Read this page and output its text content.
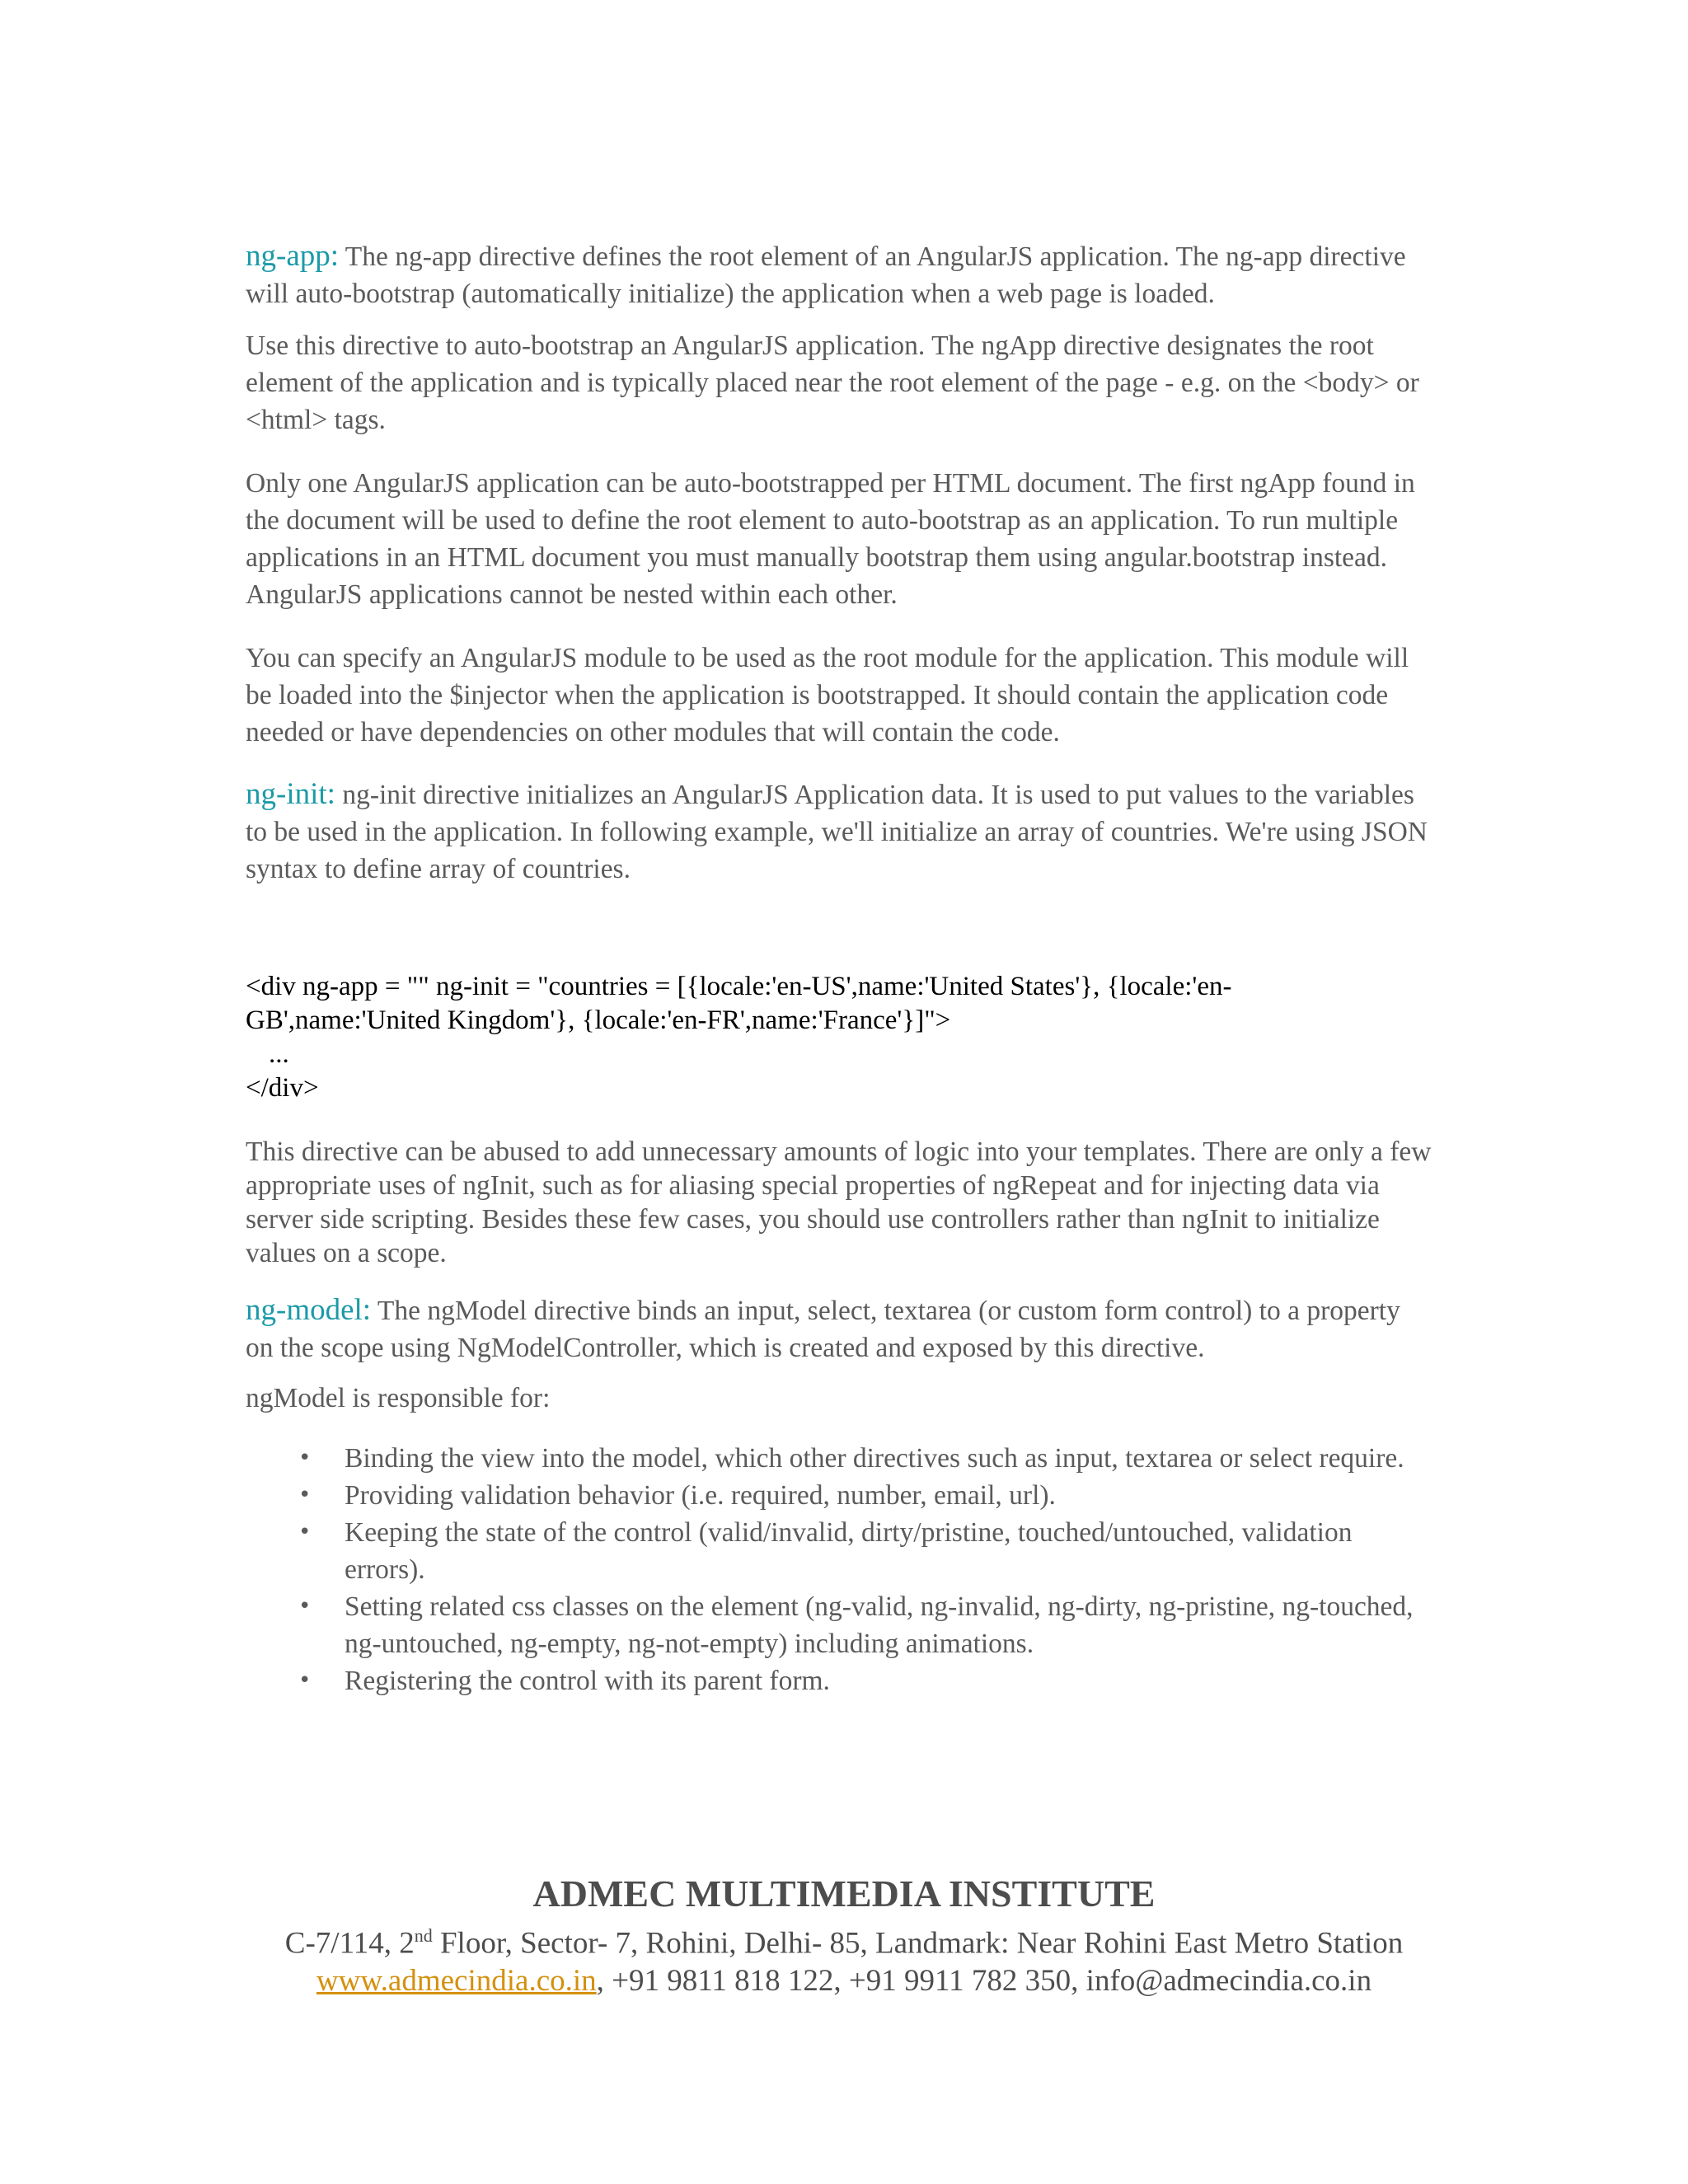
ng-app: The ng-app directive defines the root element of an AngularJS application. The ng-app directive will auto-bootstrap (automatically initialize) the application when a web page is loaded.

Use this directive to auto-bootstrap an AngularJS application. The ngApp directive designates the root element of the application and is typically placed near the root element of the page - e.g. on the <body> or <html> tags.

Only one AngularJS application can be auto-bootstrapped per HTML document. The first ngApp found in the document will be used to define the root element to auto-bootstrap as an application. To run multiple applications in an HTML document you must manually bootstrap them using angular.bootstrap instead. AngularJS applications cannot be nested within each other.

You can specify an AngularJS module to be used as the root module for the application. This module will be loaded into the $injector when the application is bootstrapped. It should contain the application code needed or have dependencies on other modules that will contain the code.

ng-init: ng-init directive initializes an AngularJS Application data. It is used to put values to the variables to be used in the application. In following example, we'll initialize an array of countries. We're using JSON syntax to define array of countries.

<div ng-app = "" ng-init = "countries = [{locale:'en-US',name:'United States'}, {locale:'en-
GB',name:'United Kingdom'}, {locale:'en-FR',name:'France'}]">
...
</div>

This directive can be abused to add unnecessary amounts of logic into your templates. There are only a few appropriate uses of ngInit, such as for aliasing special properties of ngRepeat and for injecting data via server side scripting. Besides these few cases, you should use controllers rather than ngInit to initialize values on a scope.

ng-model: The ngModel directive binds an input, select, textarea (or custom form control) to a property on the scope using NgModelController, which is created and exposed by this directive.

ngModel is responsible for:

• Binding the view into the model, which other directives such as input, textarea or select require.
• Providing validation behavior (i.e. required, number, email, url).
• Keeping the state of the control (valid/invalid, dirty/pristine, touched/untouched, validation errors).
• Setting related css classes on the element (ng-valid, ng-invalid, ng-dirty, ng-pristine, ng-touched, ng-untouched, ng-empty, ng-not-empty) including animations.
• Registering the control with its parent form.
ADMEC MULTIMEDIA INSTITUTE
C-7/114, 2nd Floor, Sector- 7, Rohini, Delhi- 85, Landmark: Near Rohini East Metro Station
www.admecindia.co.in, +91 9811 818 122, +91 9911 782 350, info@admecindia.co.in
